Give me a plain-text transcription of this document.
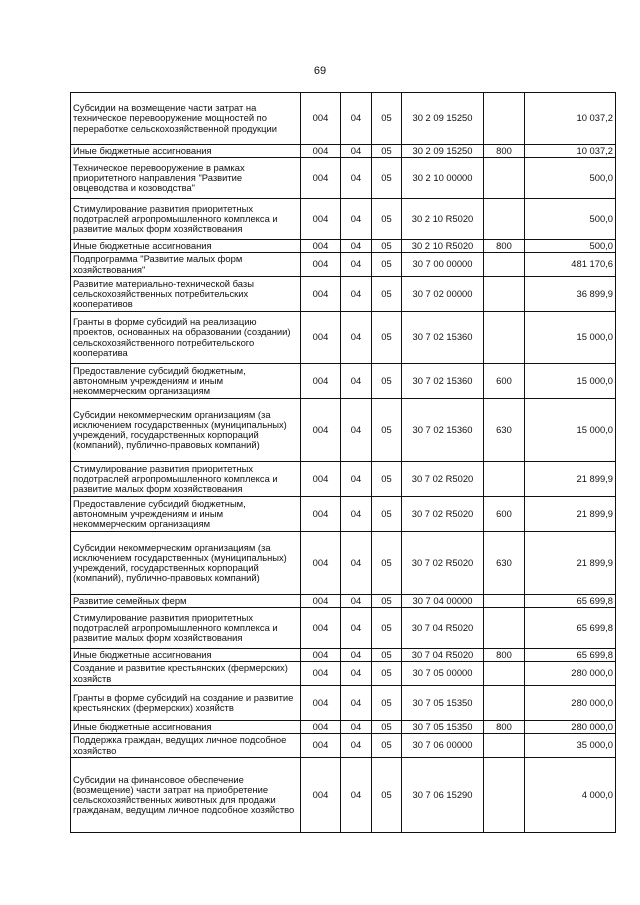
69
Субсидии на возмещение части затрат на техническое перевооружение мощностей по переработке сельскохозяйственной продукции	004	04	05	30 2 09 15250		10 037,2
Иные бюджетные ассигнования	004	04	05	30 2 09 15250	800	10 037,2
Техническое перевооружение в рамках приоритетного направления "Развитие овцеводства и козоводства"	004	04	05	30 2 10 00000		500,0
Стимулирование развития приоритетных подотраслей агропромышленного комплекса и развитие малых форм хозяйствования	004	04	05	30 2 10 R5020		500,0
Иные бюджетные ассигнования	004	04	05	30 2 10 R5020	800	500,0
Подпрограмма "Развитие малых форм хозяйствования"	004	04	05	30 7 00 00000		481 170,6
Развитие материально-технической базы сельскохозяйственных потребительских кооперативов	004	04	05	30 7 02 00000		36 899,9
Гранты в форме субсидий на реализацию проектов, основанных на образовании (создании) сельскохозяйственного потребительского кооператива	004	04	05	30 7 02 15360		15 000,0
Предоставление субсидий бюджетным, автономным учреждениям и иным некоммерческим организациям	004	04	05	30 7 02 15360	600	15 000,0
Субсидии некоммерческим организациям (за исключением государственных (муниципальных) учреждений, государственных корпораций (компаний), публично-правовых компаний)	004	04	05	30 7 02 15360	630	15 000,0
Стимулирование развития приоритетных подотраслей агропромышленного комплекса и развитие малых форм хозяйствования	004	04	05	30 7 02 R5020		21 899,9
Предоставление субсидий бюджетным, автономным учреждениям и иным некоммерческим организациям	004	04	05	30 7 02 R5020	600	21 899,9
Субсидии некоммерческим организациям (за исключением государственных (муниципальных) учреждений, государственных корпораций (компаний), публично-правовых компаний)	004	04	05	30 7 02 R5020	630	21 899,9
Развитие семейных ферм	004	04	05	30 7 04 00000		65 699,8
Стимулирование развития приоритетных подотраслей агропромышленного комплекса и развитие малых форм хозяйствования	004	04	05	30 7 04 R5020		65 699,8
Иные бюджетные ассигнования	004	04	05	30 7 04 R5020	800	65 699,8
Создание и развитие крестьянских (фермерских) хозяйств	004	04	05	30 7 05 00000		280 000,0
Гранты в форме субсидий на создание и развитие крестьянских (фермерских) хозяйств	004	04	05	30 7 05 15350		280 000,0
Иные бюджетные ассигнования	004	04	05	30 7 05 15350	800	280 000,0
Поддержка граждан, ведущих личное подсобное хозяйство	004	04	05	30 7 06 00000		35 000,0
Субсидии на финансовое обеспечение (возмещение) части затрат на приобретение сельскохозяйственных животных для продажи гражданам, ведущим личное подсобное хозяйство	004	04	05	30 7 06 15290		4 000,0
